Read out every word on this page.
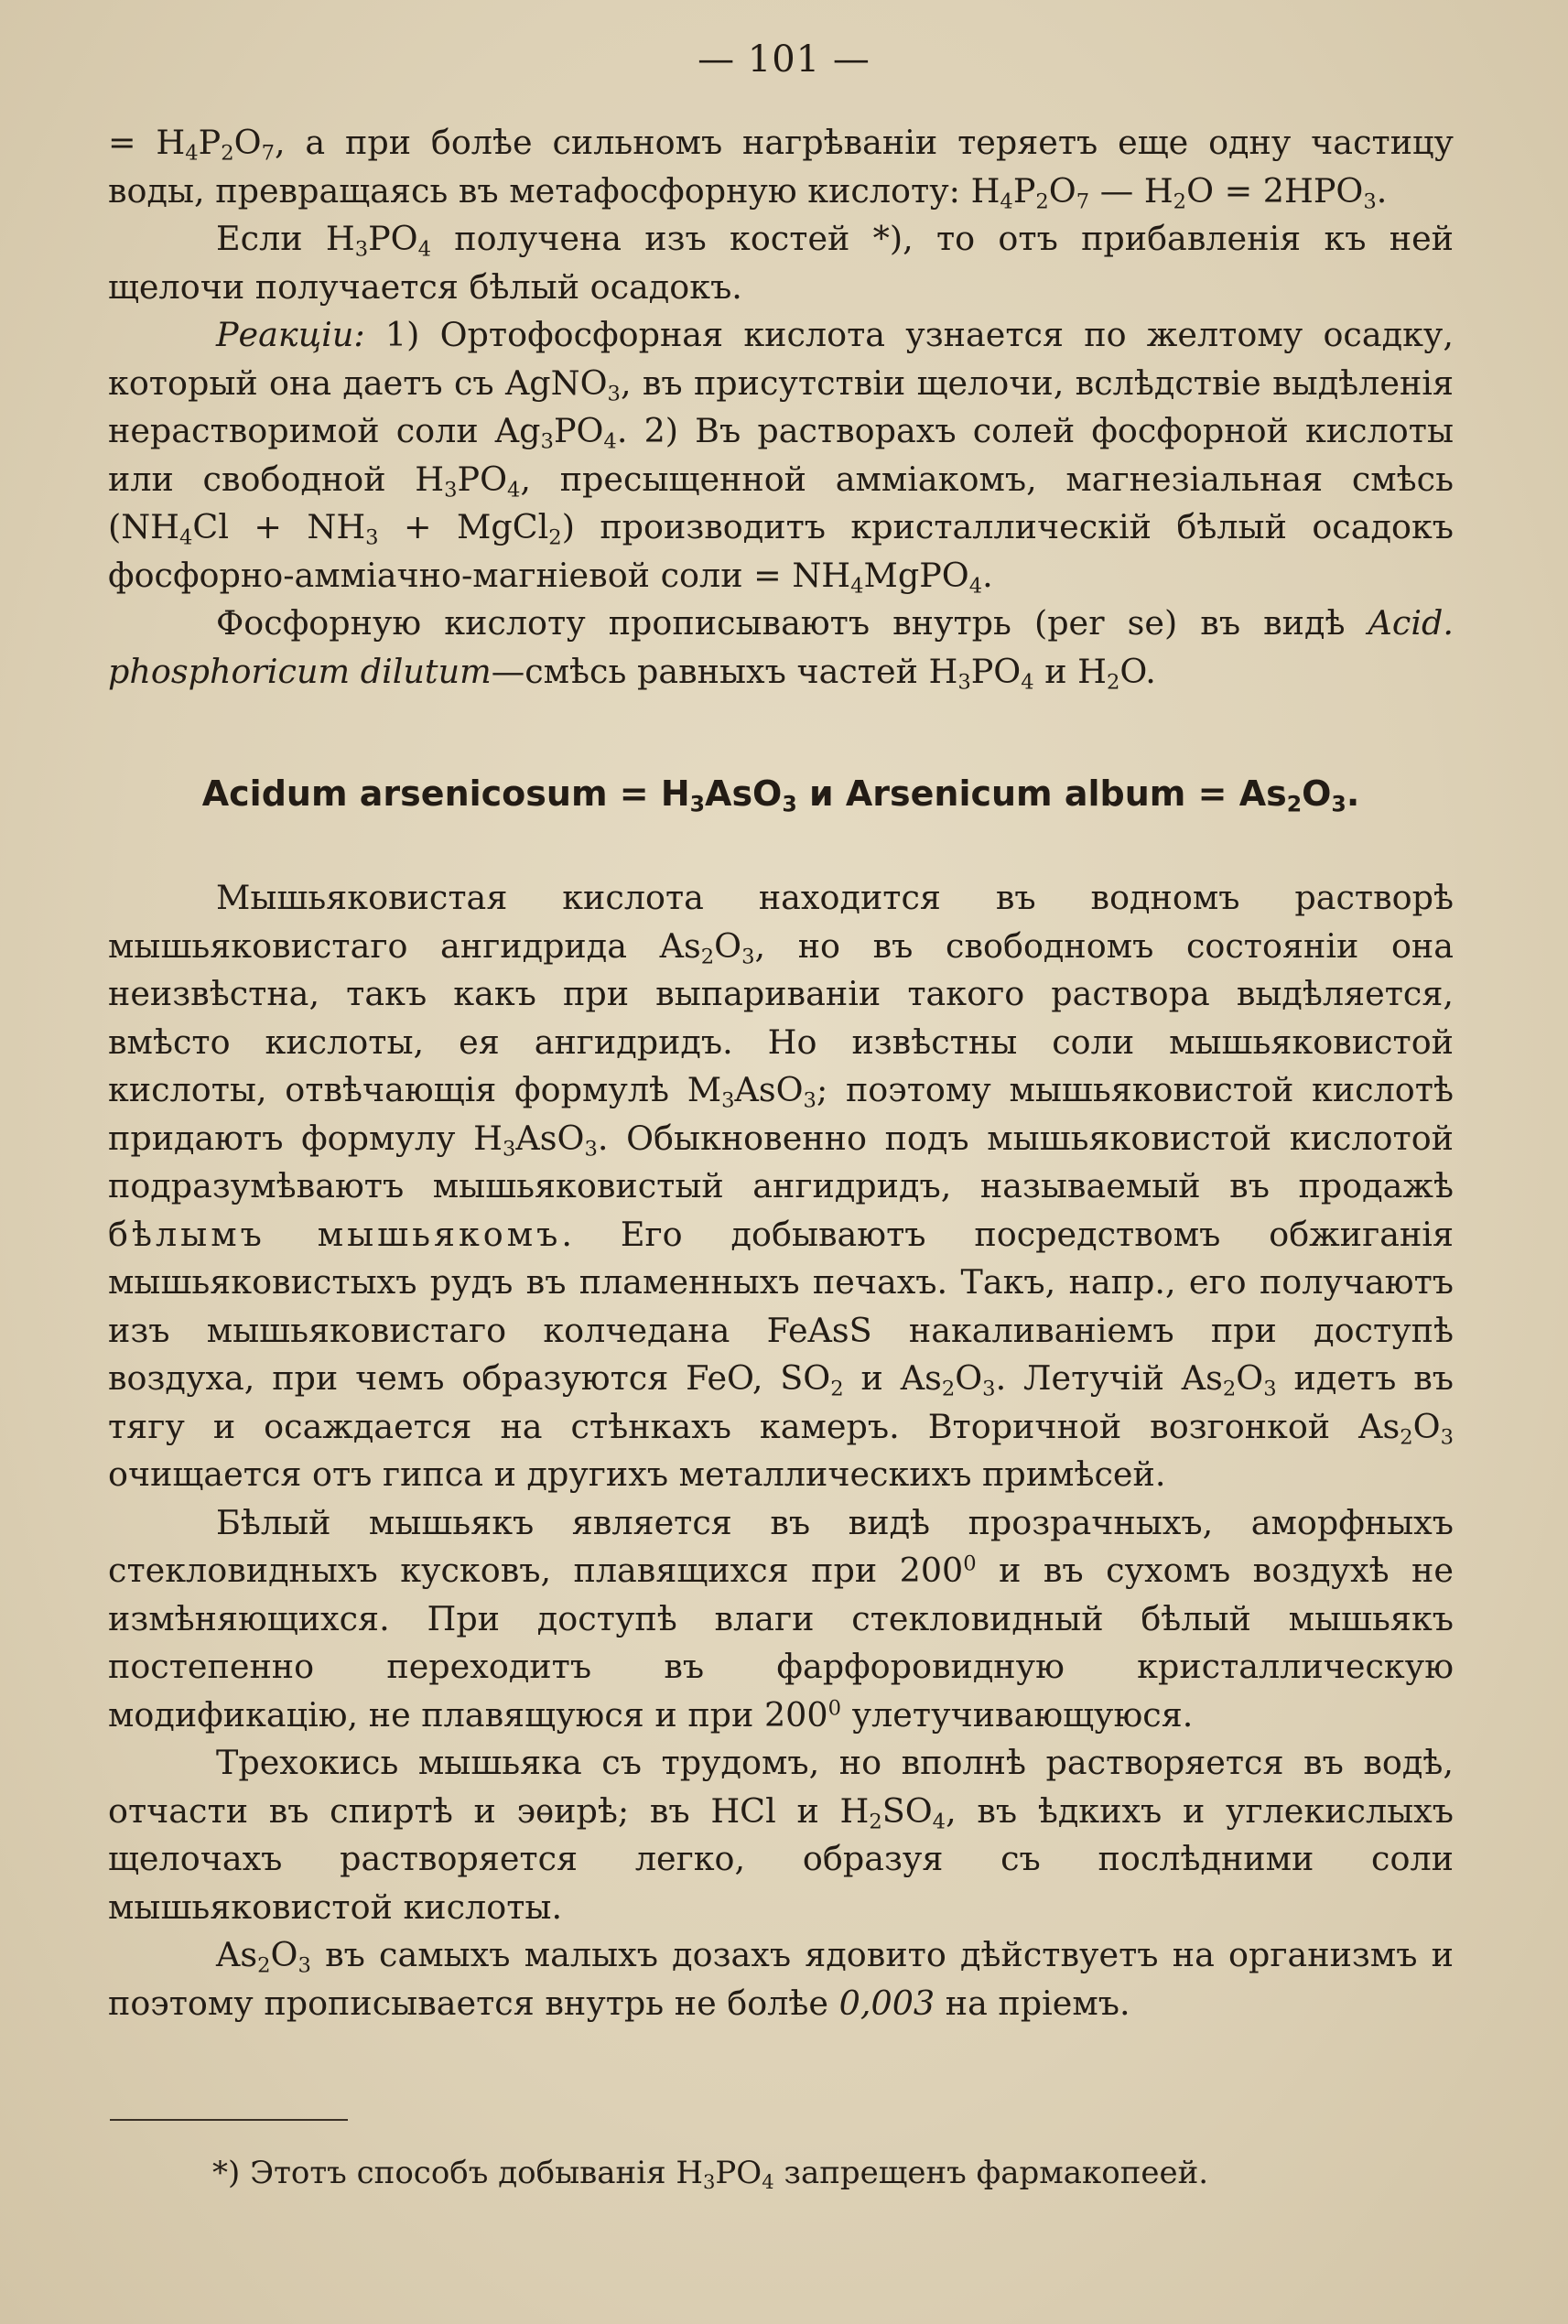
— 101 —

= $H_4P_2O_7$, а при болѣе сильномъ нагрѣваніи теряетъ еще одну частицу воды, превращаясь въ метафосфорную кислоту: $H_4P_2O_7$ — $H_2O = 2HPO_3$.

Если $H_3PO_4$ получена изъ костей *), то отъ прибавленія къ ней щелочи получается бѣлый осадокъ.

Реакціи: 1) Ортофосфорная кислота узнается по желтому осадку, который она даетъ съ AgNO$_3$, въ присутствіи щелочи, вслѣдствіе выдѣленія нерастворимой соли $Ag_3PO_4$. 2) Въ растворахъ солей фосфорной кислоты или свободной $H_3PO_4$, пресыщенной амміакомъ, магнезіальная смѣсь ($NH_4Cl + NH_3$ + MgCl$_2$) производитъ кристаллическій бѣлый осадокъ фосфорно-амміачно-магніевой соли = $NH_4MgPO_4$.

Фосфорную кислоту прописываютъ внутрь (per se) въ видѣ Acid. phosphoricum dilutum—смѣсь равныхъ частей $H_3PO_4$ и $H_2O$.

Acidum arsenicosum = $H_3AsO_3$ и Arsenicum album = $As_2O_3$.

Мышьяковистая кислота находится въ водномъ растворѣ мышьяковистаго ангидрида $As_2O_3$, но въ свободномъ состояніи она неизвѣстна, такъ какъ при выпариваніи такого раствора выдѣляется, вмѣсто кислоты, ея ангидридъ. Но извѣстны соли мышьяковистой кислоты, отвѣчающія формулѣ $M_3AsO_3$; поэтому мышьяковистой кислотѣ придаютъ формулу $H_3AsO_3$. Обыкновенно подъ мышьяковистой кислотой подразумѣваютъ мышьяковистый ангидридъ, называемый въ продажѣ бѣлымъ мышьякомъ. Его добываютъ посредствомъ обжиганія мышьяковистыхъ рудъ въ пламенныхъ печахъ. Такъ, напр., его получаютъ изъ мышьяковистаго колчедана FeAsS накаливаніемъ при доступѣ воздуха, при чемъ образуются FeO, $SO_2$ и $As_2O_3$. Летучій $As_2O_3$ идетъ въ тягу и осаждается на стѣнкахъ камеръ. Вторичной возгонкой $As_2O_3$ очищается отъ гипса и другихъ металлическихъ примѣсей.

Бѣлый мышьякъ является въ видѣ прозрачныхъ, аморфныхъ стекловидныхъ кусковъ, плавящихся при $200^0$ и въ сухомъ воздухѣ не измѣняющихся. При доступѣ влаги стекловидный бѣлый мышьякъ постепенно переходитъ въ фарфоровидную кристаллическую модификацію, не плавящуюся и при $200^0$ улетучивающуюся.

Трехокись мышьяка съ трудомъ, но вполнѣ растворяется въ водѣ, отчасти въ спиртѣ и эѳирѣ; въ HCl и $H_2SO_4$, въ ѣдкихъ и углекислыхъ щелочахъ растворяется легко, образуя съ послѣдними соли мышьяковистой кислоты.

$As_2O_3$ въ самыхъ малыхъ дозахъ ядовито дѣйствуетъ на организмъ и поэтому прописывается внутрь не болѣе 0,003 на пріемъ.

*) Этотъ способъ добыванія $H_3PO_4$ запрещенъ фармакопеей.
